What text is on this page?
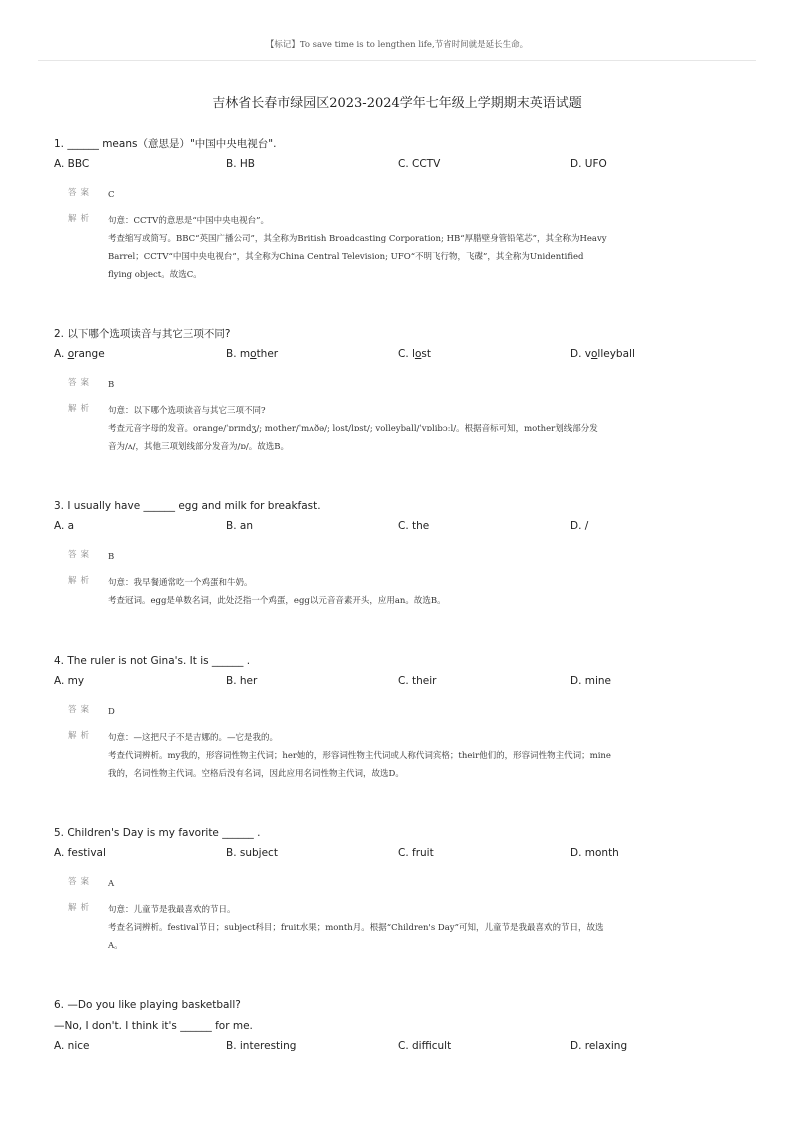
【标记】To save time is to lengthen life,节省时间就是延长生命。
吉林省长春市绿园区2023-2024学年七年级上学期期末英语试题
1. ______ means（意思是）"中国中央电视台".
A. BBC	B. HB	C. CCTV	D. UFO
答案	C
解析	句意：CCTV的意思是“中国中央电视台”。
考查缩写或简写。BBC“英国广播公司”，其全称为British Broadcasting Corporation; HB“厚腊壁身管铅笔芯”，其全称为Heavy
Barrel；CCTV“中国中央电视台”，其全称为China Central Television; UFO“不明飞行物，飞碟”，其全称为Unidentified
flying object。故选C。
2. 以下哪个选项读音与其它三项不同?
A. orange	B. mother	C. lost	D. volleyball
答案	B
解析	句意：以下哪个选项读音与其它三项不同?
考查元音字母的发音。orange/ˈɒrɪndʒ/; mother/ˈmʌðə/; lost/lɒst/; volleyball/ˈvɒlibɔːl/。根据音标可知，mother划线部分发
音为/ʌ/，其他三项划线部分发音为/ɒ/。故选B。
3. I usually have ______ egg and milk for breakfast.
A. a	B. an	C. the	D. /
答案	B
解析	句意：我早餐通常吃一个鸡蛋和牛奶。
考查冠词。egg是单数名词，此处泛指一个鸡蛋，egg以元音音素开头，应用an。故选B。
4. The ruler is not Gina's. It is ______ .
A. my	B. her	C. their	D. mine
答案	D
解析	句意：—这把尺子不是吉娜的。—它是我的。
考查代词辨析。my我的，形容词性物主代词；her她的，形容词性物主代词或人称代词宾格；their他们的，形容词性物主代词；mine
我的，名词性物主代词。空格后没有名词，因此应用名词性物主代词，故选D。
5. Children's Day is my favorite ______ .
A. festival	B. subject	C. fruit	D. month
答案	A
解析	句意：儿童节是我最喜欢的节日。
考查名词辨析。festival节日；subject科目；fruit水果；month月。根据“Children's Day”可知，儿童节是我最喜欢的节日，故选
A。
6. —Do you like playing basketball?
—No, I don't. I think it's ______ for me.
A. nice	B. interesting	C. difficult	D. relaxing
